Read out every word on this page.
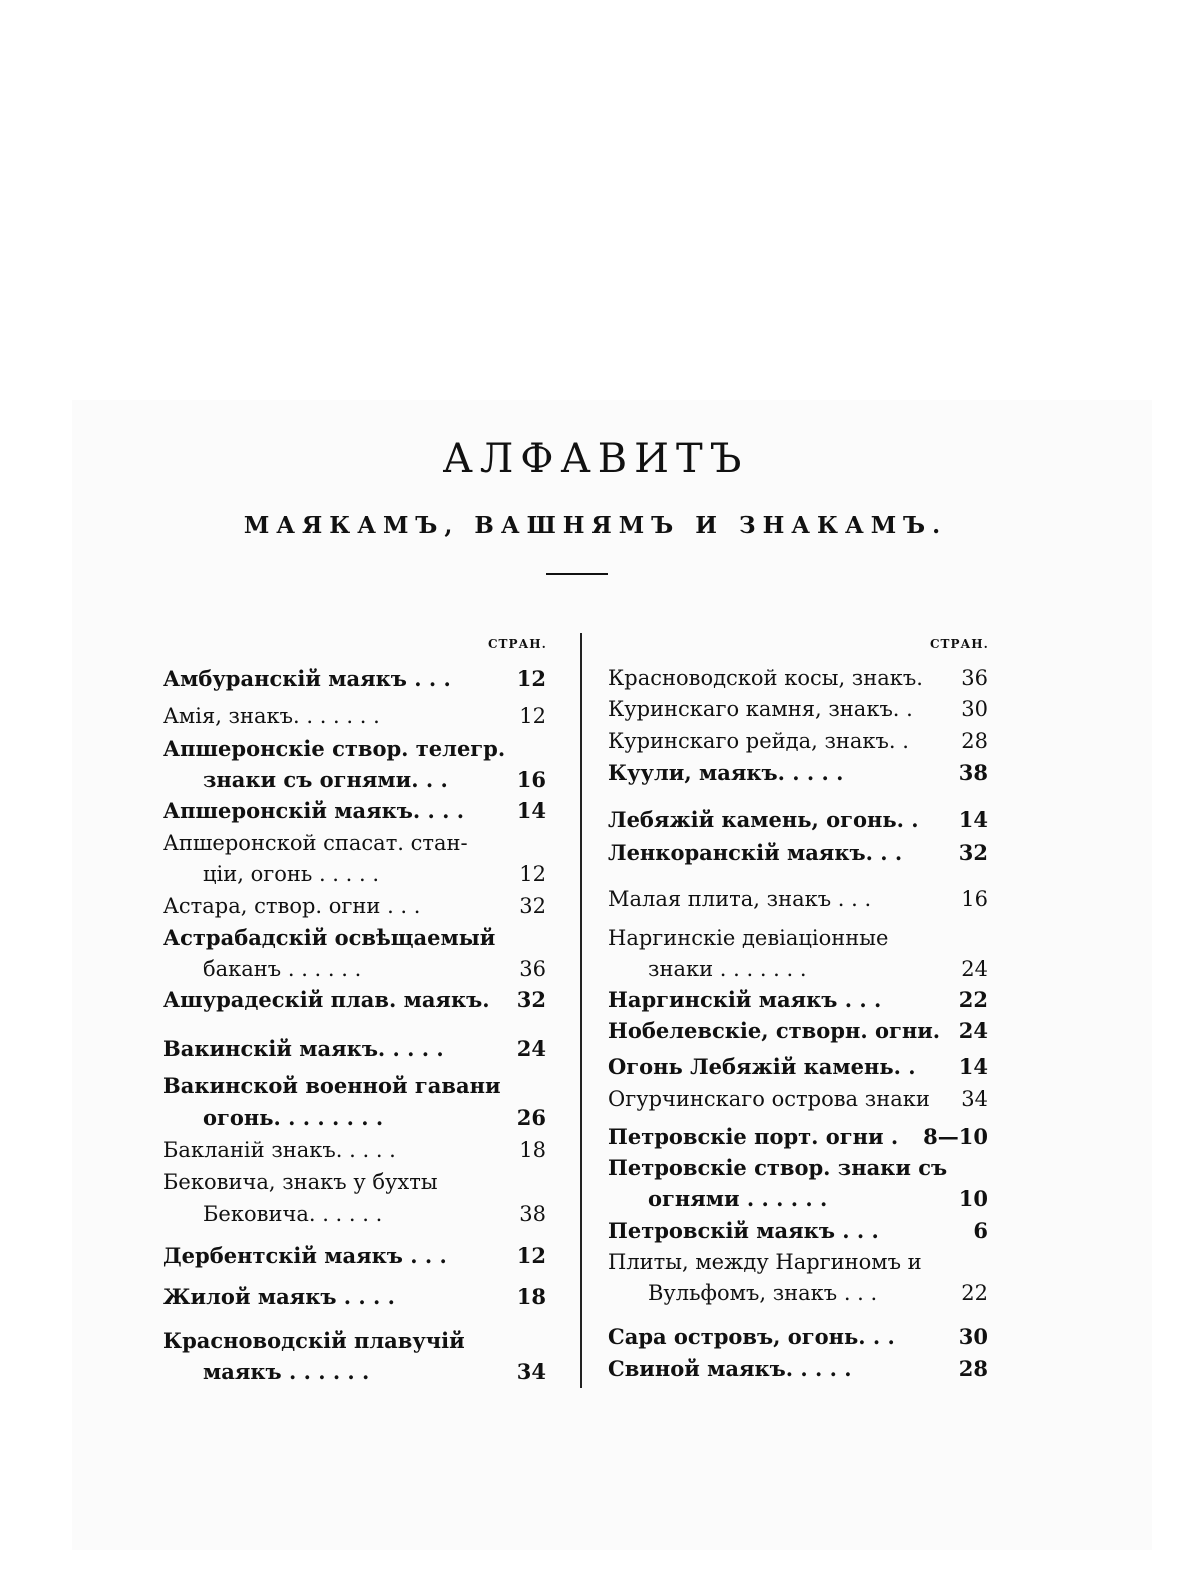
АЛФАВИТЪ
МАЯКАМЪ, ВАШНЯМЪ И ЗНАКАМЪ.
СТРАН.	СТРАН.
Амбуранскій маякъ . . .	12
Амія, знакъ. . . . . . .	12
Апшеронскіе створ. телегр.
знаки съ огнями. . .	16
Апшеронскій маякъ. . . .	14
Апшеронской спасат. стан-
ціи, огонь . . . . .	12
Астара, створ. огни . . .	32
Астрабадскій освѣщаемый
баканъ . . . . . .	36
Ашурадескій плав. маякъ. 32
Вакинскій маякъ. . . . .	24
Вакинской военной гавани
огонь. . . . . . . .	26
Бакланій знакъ. . . . .	18
Бековича, знакъ у бухты
Бековича. . . . . .	38
Дербентскій маякъ . . .	12
Жилой маякъ . . . .	18
Красноводскій плавучій
маякъ . . . . . .	34
Красноводской косы, знакъ. 36
Куринскаго камня, знакъ. . 30
Куринскаго рейда, знакъ. . 28
Куули, маякъ. . . . .	38
Лебяжій камень, огонь. . 14
Ленкоранскій маякъ. . .	32
Малая плита, знакъ . . .	16
Наргинскіе девіаціонные
знаки . . . . . . .	24
Наргинскій маякъ . . .	22
Нобелевскіе, створн. огни. 24
Огонь Лебяжій камень. . 14
Огурчинскаго острова знаки 34
Петровскіе порт. огни . 8—10
Петровскіе створ. знаки съ
огнями . . . . . .	10
Петровскій маякъ . . .	6
Плиты, между Наргиномъ и
Вульфомъ, знакъ . . .	22
Сара островъ, огонь. . .	30
Свиной маякъ. . . . .	28
